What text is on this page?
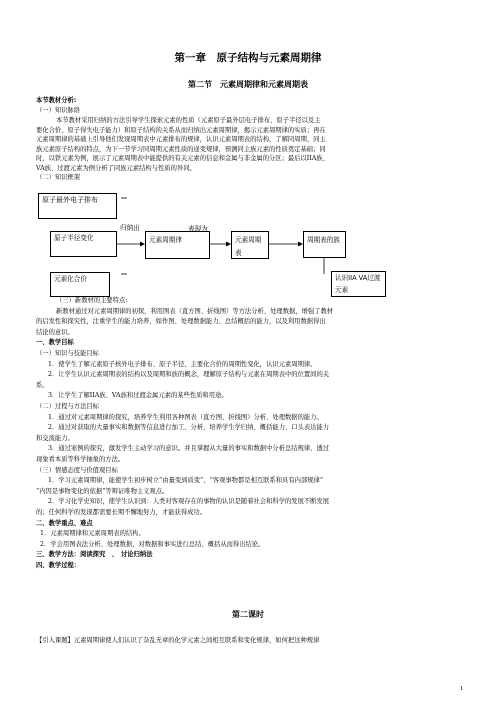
第一章　原子结构与元素周期律
第二节　元素周期律和元素周期表
本节教材分析:
（一）知识脉络
本节教材采用归纳的方法引导学生探索元素的性质（元素原子最外层电子排布、原子半径以及主
要化合价、原子得失电子能力）和原子结构的关系从而归纳出元素周期律，揭示元素周期律的实质；再在
元素周期律的基础上引导他们发现周期表中元素排布的规律，认识元素周期表的结构，了解同周期、同主
族元素原子结构的特点，为下一节学习同周期元素性质的递变规律，预测同主族元素的性质奠定基础；同
时，以铁元素为例，展示了元素周期表中能提供的有关元素的信息和金属与非金属的分区；最后以IIA族、
VA族、过渡元素为例分析了同族元素结构与性质的异同。
（二）知识框架
原子最外电子排布
原子半径变化
元素化合价
归纳出
元素周期律
表现为
元素周期表
周期表的族
认识IIA VA过渡元素
（三）新教材的主要特点:
新教材通过对元素周期律的初探，利用图表（直方图、折线图）等方法分析、处理数据，增强了教材
的启发性和探究性，注重学生的能力培养，如作图、处理数据能力、总结概括的能力，以及利用数据得出
结论的意识。
一、教学目标
（一）知识与技能目标
1．使学生了解元素原子核外电子排布、原子半径、主要化合价的周期性变化，认识元素周期律。
2．让学生认识元素周期表的结构以及周期和族的概念，理解原子结构与元素在周期表中的位置间的关
系。
3．让学生了解IIA族、VA族和过渡金属元素的某些性质和用途。
（二）过程与方法目标
1．通过对元素周期律的探究，培养学生利用各种图表（直方图、折线图）分析、处理数据的能力。
2．通过对获取的大量事实和数据等信息进行加工、分析，培养学生学归纳、概括能力、口头表达能力
和交流能力。
3．通过案例的探究，激发学生主动学习的意识。并且掌握从大量的事实和数据中分析总结规律、透过
现象看本质等科学抽象的方法。
（三）情感态度与价值观目标
1．学习元素周期律，能使学生初步树立“由量变到质变”、“客观事物都是相互联系和具有内部规律”
“内因是事物变化的依据”等辩证唯物主义观点。
2．学习化学史知识，使学生认识到：人类对客观存在的事物的认识是随着社会和科学的发展不断发展
的；任何科学的发现都需要长期不懈地努力，才能获得成功。
二、教学重点、难点
1．元素周期律和元素周期表的结构。
2．学会用图表法分析、处理数据，对数据和事实进行总结、概括从而得出结论。
三、教学方法：阅读探究　、　讨论归纳法
四、教学过程：
第二课时
【引入课题】元素周期律使人们认识了杂乱无章的化学元素之间相互联系和变化规律，如何把这种规律
1
